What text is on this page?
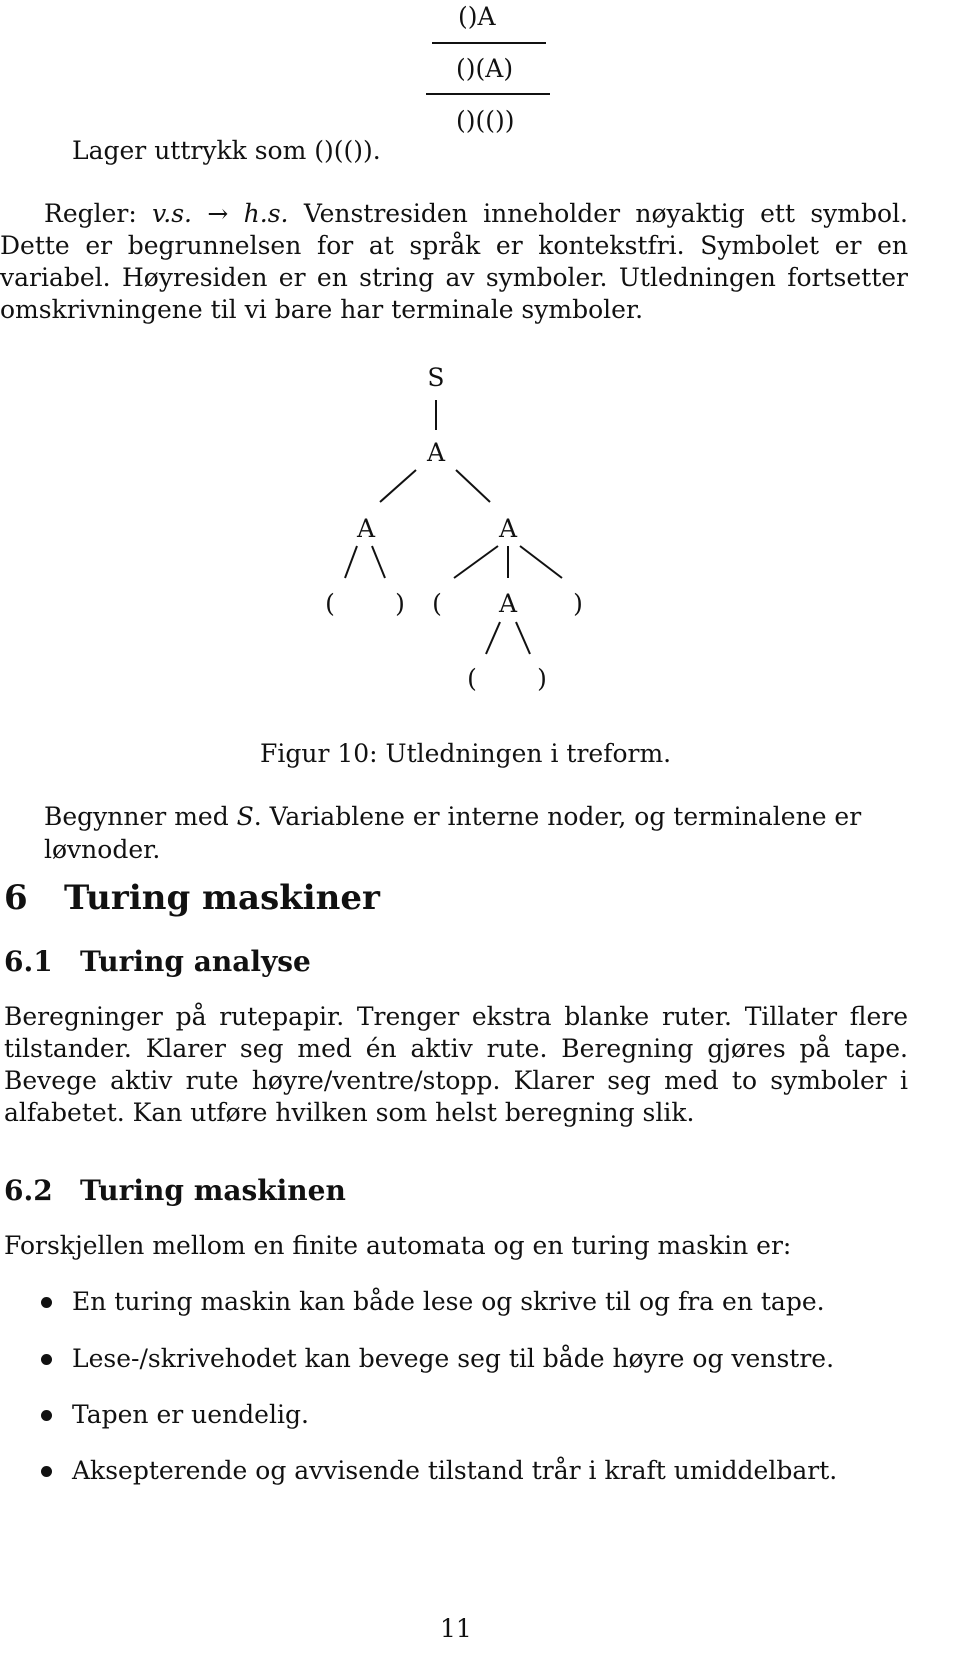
Lager uttrykk som ()(()).
()A
()(A)
()(())
Regler: v.s. → h.s. Venstresiden inneholder nøyaktig ett symbol. Dette er begrunnelsen for at språk er kontekstfri. Symbolet er en variabel. Høyresiden er en string av symboler. Utledningen fortsetter omskrivningene til vi bare har terminale symboler.
S
A
A	A
( ) ( A )
( )
Figur 10: Utledningen i treform.
Begynner med S. Variablene er interne noder, og terminalene er løvnoder.
6 Turing maskiner
6.1 Turing analyse
Beregninger på rutepapir. Trenger ekstra blanke ruter. Tillater flere tilstander. Klarer seg med én aktiv rute. Beregning gjøres på tape. Bevege aktiv rute høyre/ventre/stopp. Klarer seg med to symboler i alfabetet. Kan utføre hvilken som helst beregning slik.
6.2 Turing maskinen
Forskjellen mellom en finite automata og en turing maskin er:
En turing maskin kan både lese og skrive til og fra en tape.
Lese-/skrivehodet kan bevege seg til både høyre og venstre.
Tapen er uendelig.
Aksepterende og avvisende tilstand trår i kraft umiddelbart.
11
